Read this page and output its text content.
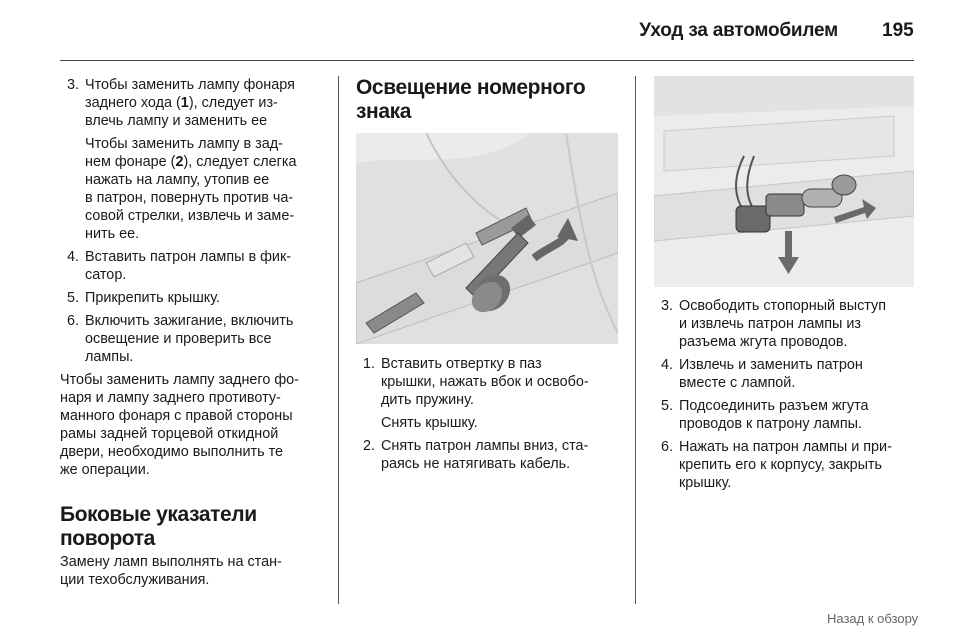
Уход за автомобилем 195
3. Чтобы заменить лампу фонаря
заднего хода (1), следует из-
влечь лампу и заменить ее
Чтобы заменить лампу в зад-
нем фонаре (2), следует слегка
нажать на лампу, утопив ее
в патрон, повернуть против ча-
совой стрелки, извлечь и заме-
нить ее.
4. Вставить патрон лампы в фик-
сатор.
5. Прикрепить крышку.
6. Включить зажигание, включить
освещение и проверить все
лампы.
Чтобы заменить лампу заднего фо-
наря и лампу заднего противоту-
манного фонаря с правой стороны
рамы задней торцевой откидной
двери, необходимо выполнить те
же операции.
Боковые указатели
поворота
Замену ламп выполнять на стан-
ции техобслуживания.
Освещение номерного
знака
1. Вставить отвертку в паз
крышки, нажать вбок и освобо-
дить пружину.
Снять крышку.
2. Снять патрон лампы вниз, ста-
раясь не натягивать кабель.
3. Освободить стопорный выступ
и извлечь патрон лампы из
разъема жгута проводов.
4. Извлечь и заменить патрон
вместе с лампой.
5. Подсоединить разъем жгута
проводов к патрону лампы.
6. Нажать на патрон лампы и при-
крепить его к корпусу, закрыть
крышку.
Назад к обзору
